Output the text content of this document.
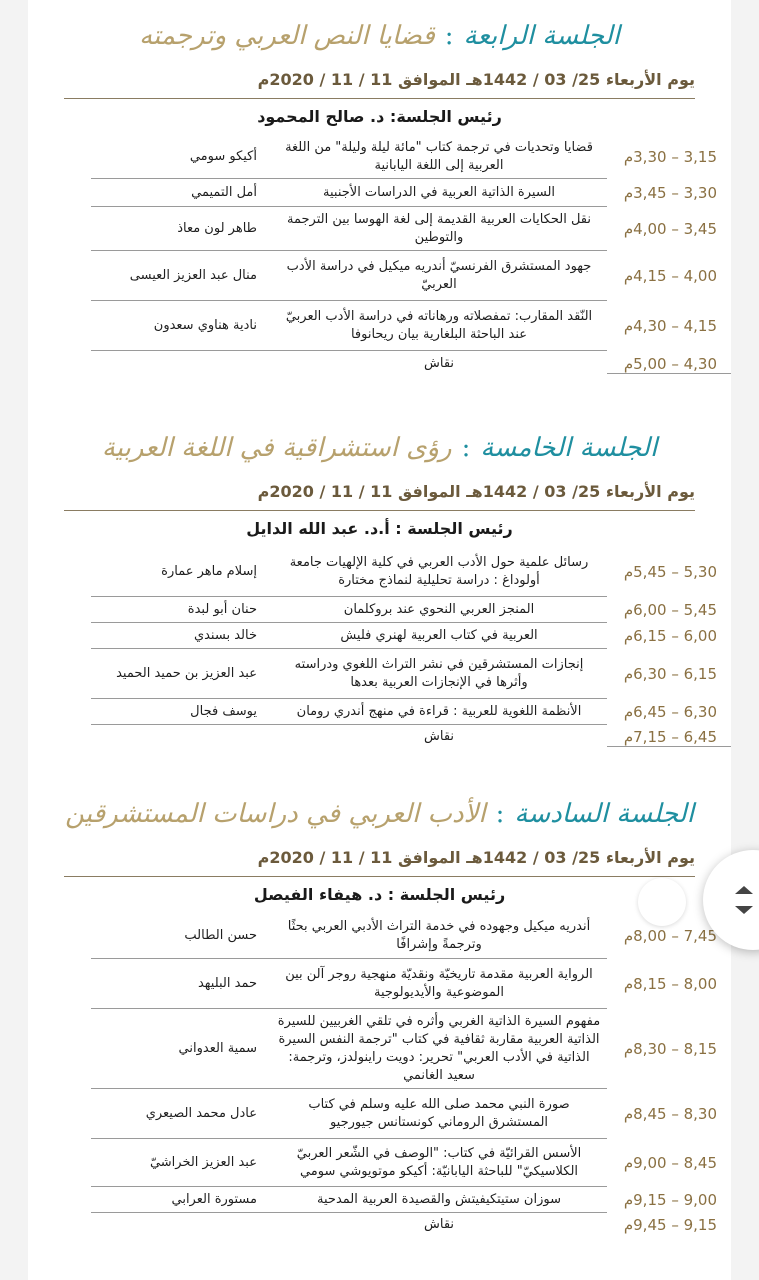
الجلسة الرابعة
:
قضايا النص العربي وترجمته
يوم الأربعاء 25/ 03 / 1442هـ الموافق 11 / 11 / 2020م
رئيس الجلسة: د. صالح المحمود
3,15 – 3,30م
قضايا وتحديات في ترجمة كتاب "مائة ليلة وليلة" من اللغة العربية إلى اللغة اليابانية
أكيكو سومي
3,30 – 3,45م
السيرة الذاتية العربية في الدراسات الأجنبية
أمل التميمي
3,45 – 4,00م
نقل الحكايات العربية القديمة إلى لغة الهوسا بين الترجمة والتوطين
طاهر لون معاذ
4,00 – 4,15م
جهود المستشرق الفرنسيّ أندريه ميكيل في دراسة الأدب العربيّ
منال عبد العزيز العيسى
4,15 – 4,30م
النّقد المقارب: تمفصلاته ورهاناته في دراسة الأدب العربيّ عند الباحثة البلغارية بيان ريحانوفا
نادية هناوي سعدون
4,30 – 5,00م
نقاش
الجلسة الخامسة
:
رؤى استشراقية في اللغة العربية
يوم الأربعاء 25/ 03 / 1442هـ الموافق 11 / 11 / 2020م
رئيس الجلسة : أ.د. عبد الله الدايل
5,30 – 5,45م
رسائل علمية حول الأدب العربي في كلية الإلهيات جامعة أولوداغ : دراسة تحليلية لنماذج مختارة
إسلام ماهر عمارة
5,45 – 6,00م
المنجز العربي النحوي عند بروكلمان
حنان أبو لبدة
6,00 – 6,15م
العربية في كتاب العربية لهنري فليش
خالد بسندي
6,15 – 6,30م
إنجازات المستشرقين في نشر التراث اللغوي ودراسته وأثرها في الإنجازات العربية بعدها
عبد العزيز بن حميد الحميد
6,30 – 6,45م
الأنظمة اللغوية للعربية : قراءة في منهج أندري رومان
يوسف فجال
6,45 – 7,15م
نقاش
الجلسة السادسة
:
الأدب العربي في دراسات المستشرقين
يوم الأربعاء 25/ 03 / 1442هـ الموافق 11 / 11 / 2020م
رئيس الجلسة : د. هيفاء الفيصل
7,45 – 8,00م
أندريه ميكيل وجهوده في خدمة التراث الأدبي العربي بحثًا وترجمةً وإشرافًا
حسن الطالب
8,00 – 8,15م
الرواية العربية مقدمة تاريخيّة ونقديّة منهجية روجر آلن بين الموضوعية والأيديولوجية
حمد البليهد
8,15 – 8,30م
مفهوم السيرة الذاتية الغربي وأثره في تلقي الغربيين للسيرة الذاتية العربية مقاربة ثقافية في كتاب "ترجمة النفس السيرة الذاتية في الأدب العربي" تحرير: دويت راينولدز، وترجمة: سعيد الغانمي
سمية العدواني
8,30 – 8,45م
صورة النبي محمد صلى الله عليه وسلم في كتاب المستشرق الروماني كونستانس جيورجيو
عادل محمد الصيعري
8,45 – 9,00م
الأسس القرائيّة في كتاب: "الوصف في الشّعر العربيّ الكلاسيكيّ" للباحثة اليابانيّة: أكيكو موتويوشي سومي
عبد العزيز الخراشيّ
9,00 – 9,15م
سوزان ستيتكيفيتش والقصيدة العربية المدحية
مستورة العرابي
9,15 – 9,45م
نقاش
